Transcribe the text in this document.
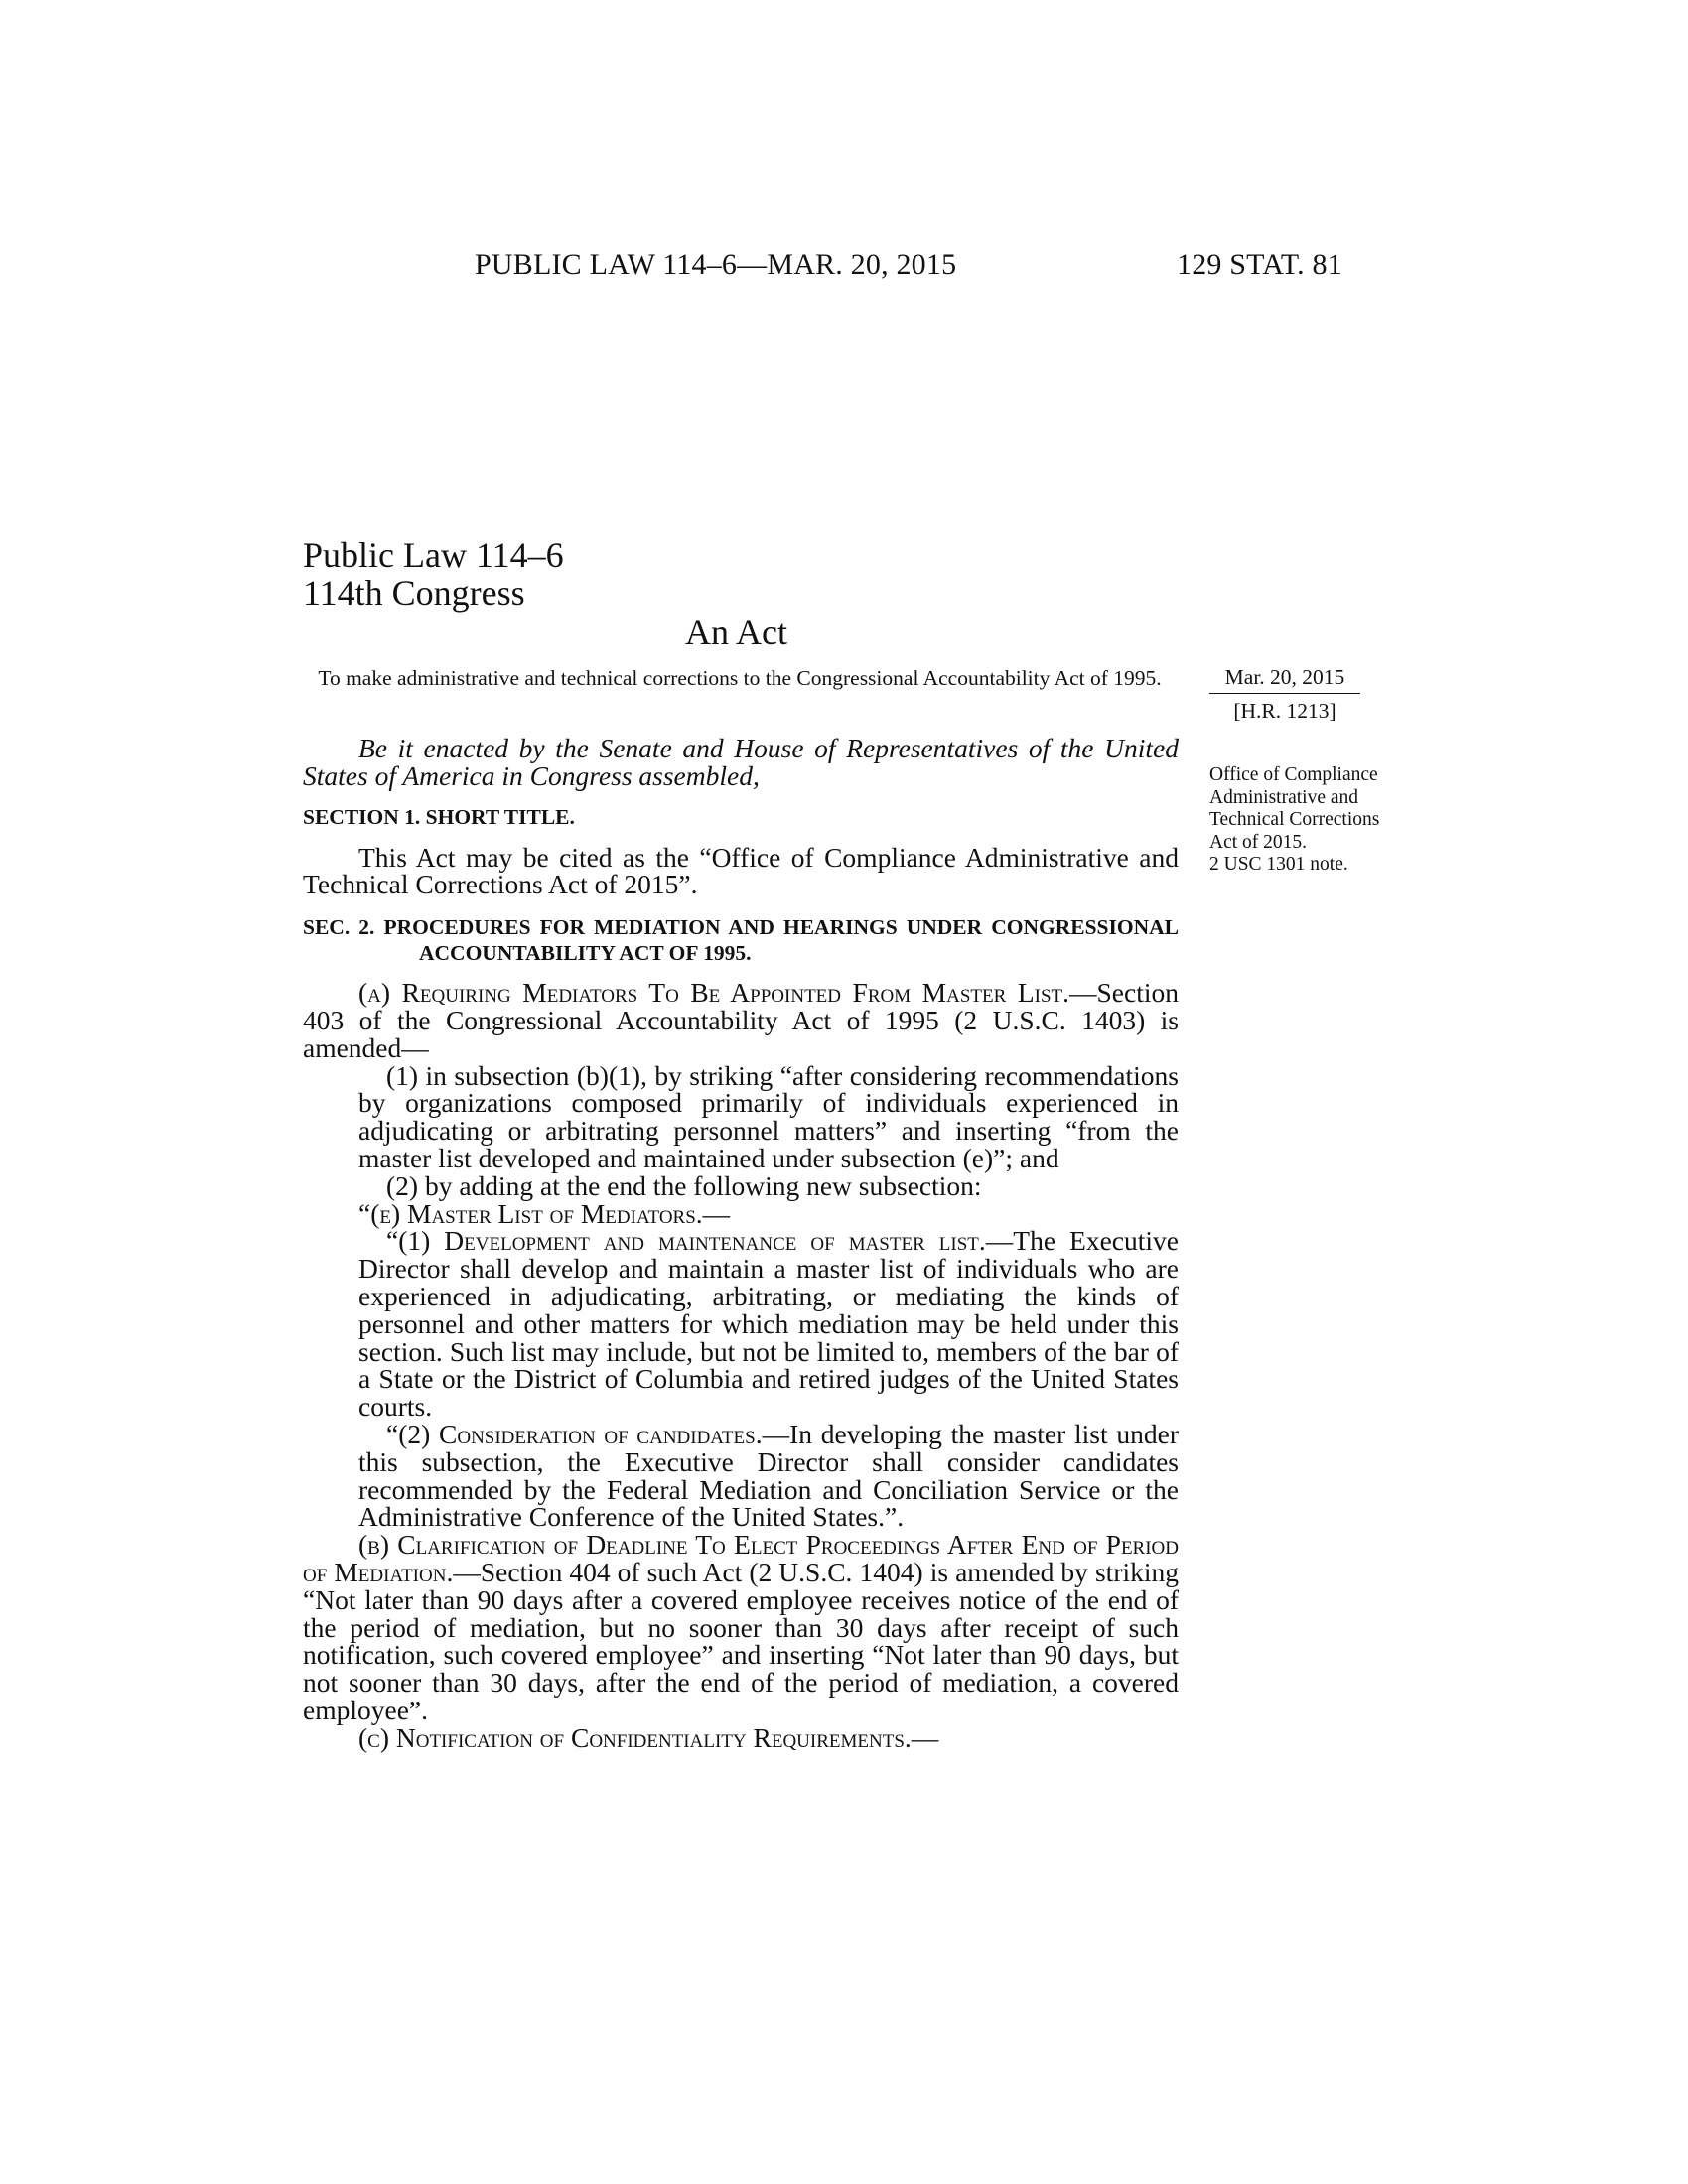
PUBLIC LAW 114–6—MAR. 20, 2015	129 STAT. 81
Public Law 114–6
114th Congress
An Act
To make administrative and technical corrections to the Congressional Accountability Act of 1995.	Mar. 20, 2015
[H.R. 1213]
Office of Compliance Administrative and Technical Corrections Act of 2015.
2 USC 1301 note.

Be it enacted by the Senate and House of Representatives of the United States of America in Congress assembled,

SECTION 1. SHORT TITLE.

This Act may be cited as the “Office of Compliance Administrative and Technical Corrections Act of 2015”.

SEC. 2. PROCEDURES FOR MEDIATION AND HEARINGS UNDER CONGRESSIONAL ACCOUNTABILITY ACT OF 1995.

(a) Requiring Mediators To Be Appointed From Master List.—Section 403 of the Congressional Accountability Act of 1995 (2 U.S.C. 1403) is amended—

(1) in subsection (b)(1), by striking “after considering recommendations by organizations composed primarily of individuals experienced in adjudicating or arbitrating personnel matters” and inserting “from the master list developed and maintained under subsection (e)”; and

(2) by adding at the end the following new subsection:

“(e) Master List of Mediators.—

“(1) Development and maintenance of master list.—The Executive Director shall develop and maintain a master list of individuals who are experienced in adjudicating, arbitrating, or mediating the kinds of personnel and other matters for which mediation may be held under this section. Such list may include, but not be limited to, members of the bar of a State or the District of Columbia and retired judges of the United States courts.

“(2) Consideration of candidates.—In developing the master list under this subsection, the Executive Director shall consider candidates recommended by the Federal Mediation and Conciliation Service or the Administrative Conference of the United States.”.

(b) Clarification of Deadline To Elect Proceedings After End of Period of Mediation.—Section 404 of such Act (2 U.S.C. 1404) is amended by striking “Not later than 90 days after a covered employee receives notice of the end of the period of mediation, but no sooner than 30 days after receipt of such notification, such covered employee” and inserting “Not later than 90 days, but not sooner than 30 days, after the end of the period of mediation, a covered employee”.

(c) Notification of Confidentiality Requirements.—
